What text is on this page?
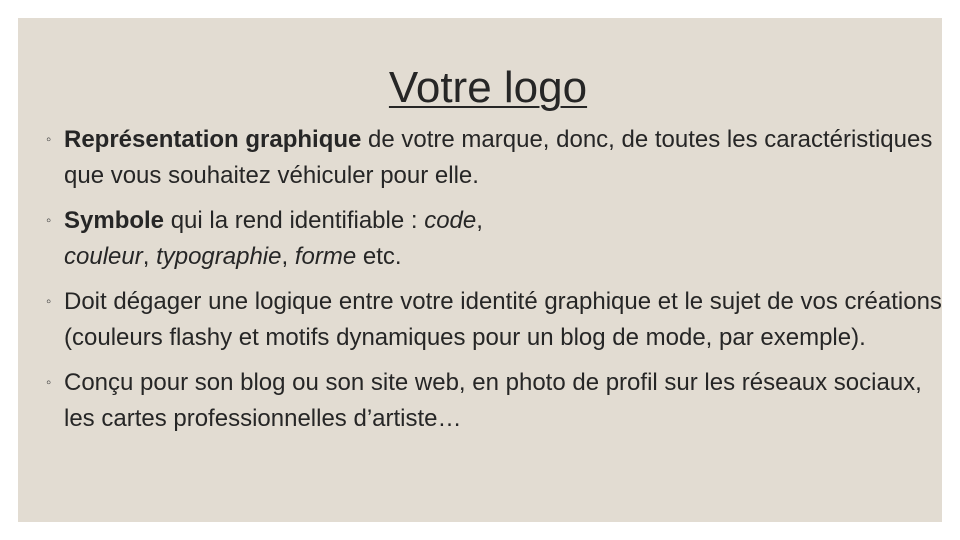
Votre logo
◦ Représentation graphique de votre marque, donc, de toutes les caractéristiques que vous souhaitez véhiculer pour elle.
◦ Symbole qui la rend identifiable : code,
couleur, typographie, forme etc.
◦ Doit dégager une logique entre votre identité graphique et le sujet de vos créations (couleurs flashy et motifs dynamiques pour un blog de mode, par exemple).
◦ Conçu pour son blog ou son site web, en photo de profil sur les réseaux sociaux, les cartes professionnelles d’artiste…
